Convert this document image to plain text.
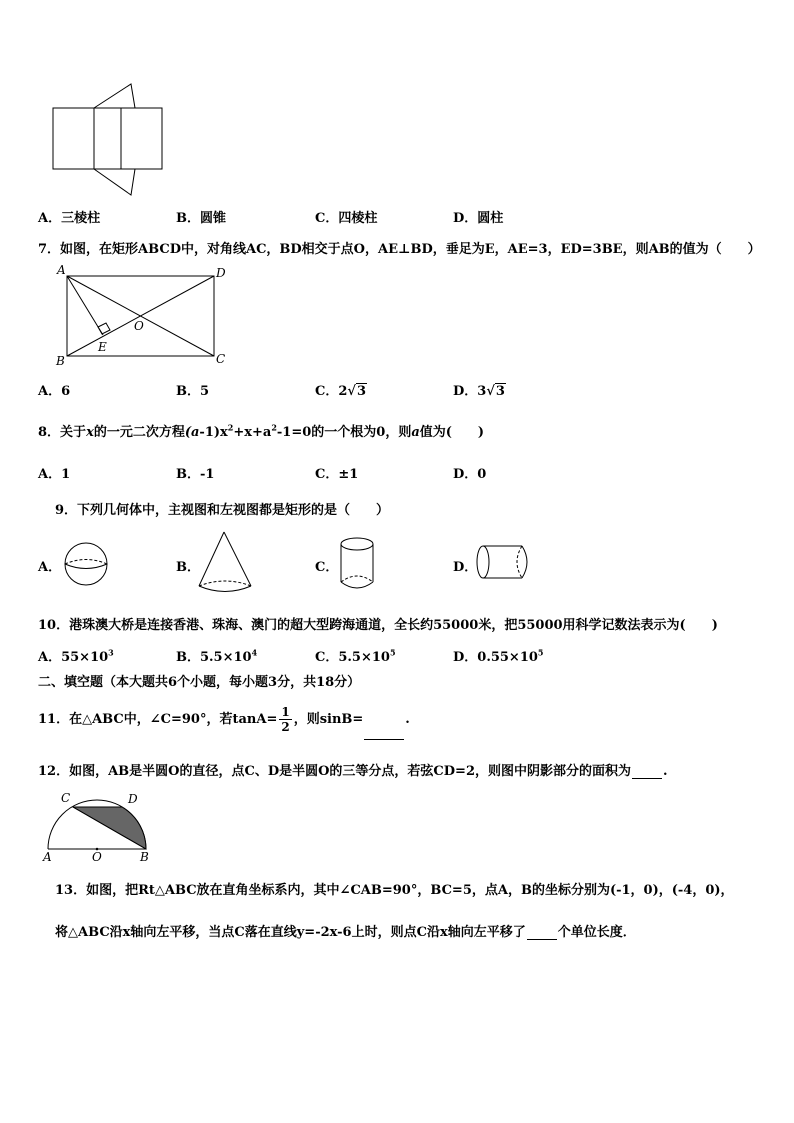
A．三棱柱	B．圆锥	C．四棱柱	D．圆柱
7．如图，在矩形ABCD中，对角线AC，BD相交于点O，AE⊥BD，垂足为E，AE=3，ED=3BE，则AB的值为（　　）
A	D
O
E
B	C
A．6	B．5	C．2√3	D．3√3
8．关于x的一元二次方程$(a-1)x^2+x+a^2-1=0$的一个根为0，则a值为(　　)
A．1	B．-1	C．±1	D．0
9．下列几何体中，主视图和左视图都是矩形的是（　　）
A．	B．	C．	D．
10．港珠澳大桥是连接香港、珠海、澳门的超大型跨海通道，全长约55000米，把55000用科学记数法表示为(　　)
A．$55\times 10^3$	B．$5.5\times 10^4$	C．$5.5\times 10^5$	D．$0.55\times 10^5$
二、填空题（本大题共6个小题，每小题3分，共18分）
11．在△ABC中，∠C=90°，若$\tan A= \frac{1}{2}$ ，则sinB=	.
12．如图，AB是半圆O的直径，点C、D是半圆O的三等分点，若弦CD=2，则图中阴影部分的面积为 .
C	D
A	O	B
13．如图，把Rt△ABC放在直角坐标系内，其中∠CAB=90°，BC=5，点A，B的坐标分别为(-1，0)，(-4，0)，
将△ABC沿x轴向左平移，当点C落在直线y=-2x-6上时，则点C沿x轴向左平移了 个单位长度．
